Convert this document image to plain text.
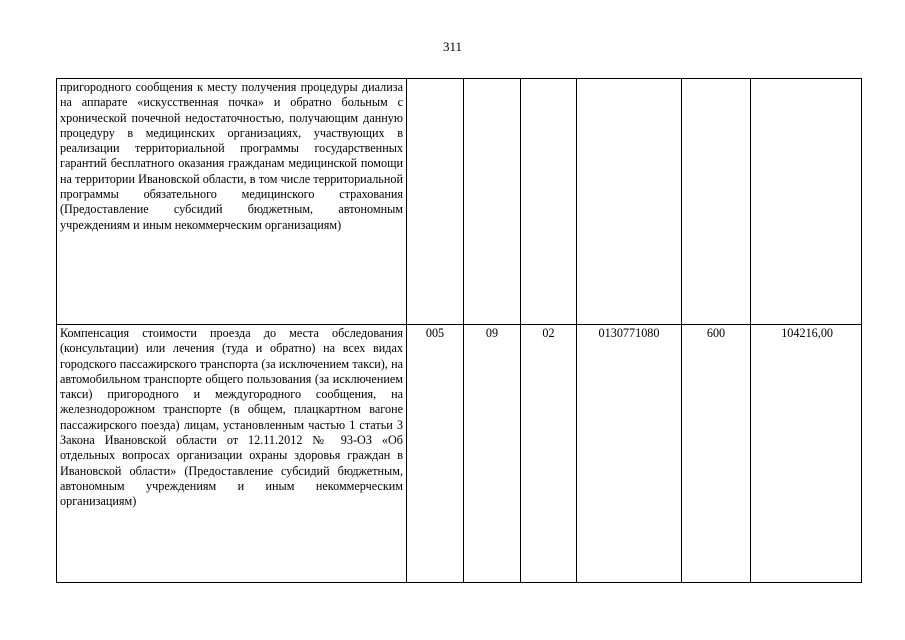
311
пригородного сообщения к месту получения процедуры диализа на аппарате «искусственная почка» и обратно больным с хронической почечной недостаточностью, получающим данную процедуру в медицинских организациях, участвующих в реализации территориальной программы государственных гарантий бесплатного оказания гражданам медицинской помощи на территории Ивановской области, в том числе территориальной программы обязательного медицинского страхования (Предоставление субсидий бюджетным, автономным учреждениям и иным некоммерческим организациям)						
Компенсация стоимости проезда до места обследования (консультации) или лечения (туда и обратно) на всех видах городского пассажирского транспорта (за исключением такси), на автомобильном транспорте общего пользования (за исключением такси) пригородного и междугородного сообщения, на железнодорожном транспорте (в общем, плацкартном вагоне пассажирского поезда) лицам, установленным частью 1 статьи 3 Закона Ивановской области от 12.11.2012 № 93-ОЗ «Об отдельных вопросах организации охраны здоровья граждан в Ивановской области» (Предоставление субсидий бюджетным, автономным учреждениям и иным некоммерческим организациям)	005	09	02	0130771080	600	104216,00
